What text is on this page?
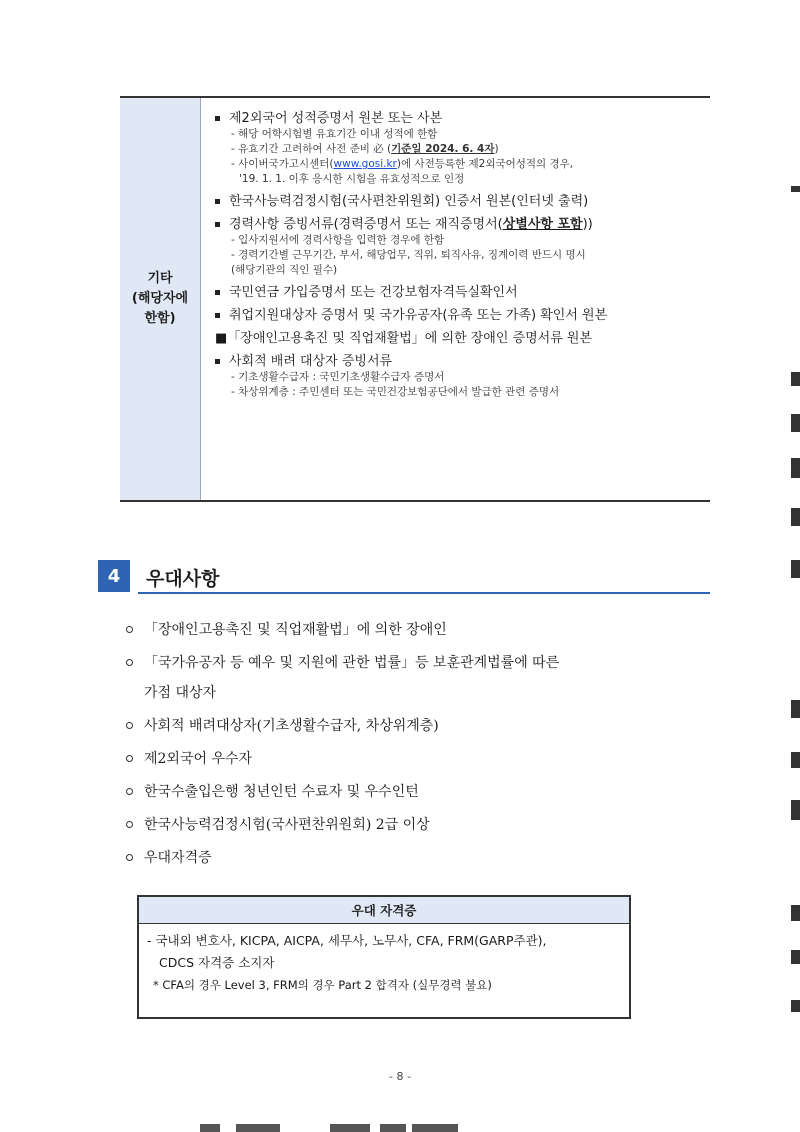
기타
(해당자에
한함)
제2외국어 성적증명서 원본 또는 사본
- 해당 어학시험별 유효기간 이내 성적에 한함
- 유효기간 고려하여 사전 준비 必 (기준일 2024. 6. 4자)
- 사이버국가고시센터(www.gosi.kr)에 사전등록한 제2외국어성적의 경우,
'19. 1. 1. 이후 응시한 시험을 유효성적으로 인정
한국사능력검정시험(국사편찬위원회) 인증서 원본(인터넷 출력)
경력사항 증빙서류(경력증명서 또는 재직증명서(상별사항 포함))
- 입사지원서에 경력사항을 입력한 경우에 한함
- 경력기간별 근무기간, 부서, 해당업무, 직위, 퇴직사유, 징계이력 반드시 명시
(해당기관의 직인 필수)
국민연금 가입증명서 또는 건강보험자격득실확인서
취업지원대상자 증명서 및 국가유공자(유족 또는 가족) 확인서 원본
■「장애인고용촉진 및 직업재활법」에 의한 장애인 증명서류 원본
사회적 배려 대상자 증빙서류
- 기초생활수급자 : 국민기초생활수급자 증명서
- 차상위계층 : 주민센터 또는 국민건강보험공단에서 발급한 관련 증명서
4	우대사항
「장애인고용촉진 및 직업재활법」에 의한 장애인
「국가유공자 등 예우 및 지원에 관한 법률」등 보훈관계법률에 따른
가점 대상자
사회적 배려대상자(기초생활수급자, 차상위계층)
제2외국어 우수자
한국수출입은행 청년인턴 수료자 및 우수인턴
한국사능력검정시험(국사편찬위원회) 2급 이상
우대자격증
우대 자격증
- 국내외 변호사, KICPA, AICPA, 세무사, 노무사, CFA, FRM(GARP주관),
CDCS 자격증 소지자
* CFA의 경우 Level 3, FRM의 경우 Part 2 합격자 (실무경력 불요)
- 8 -
